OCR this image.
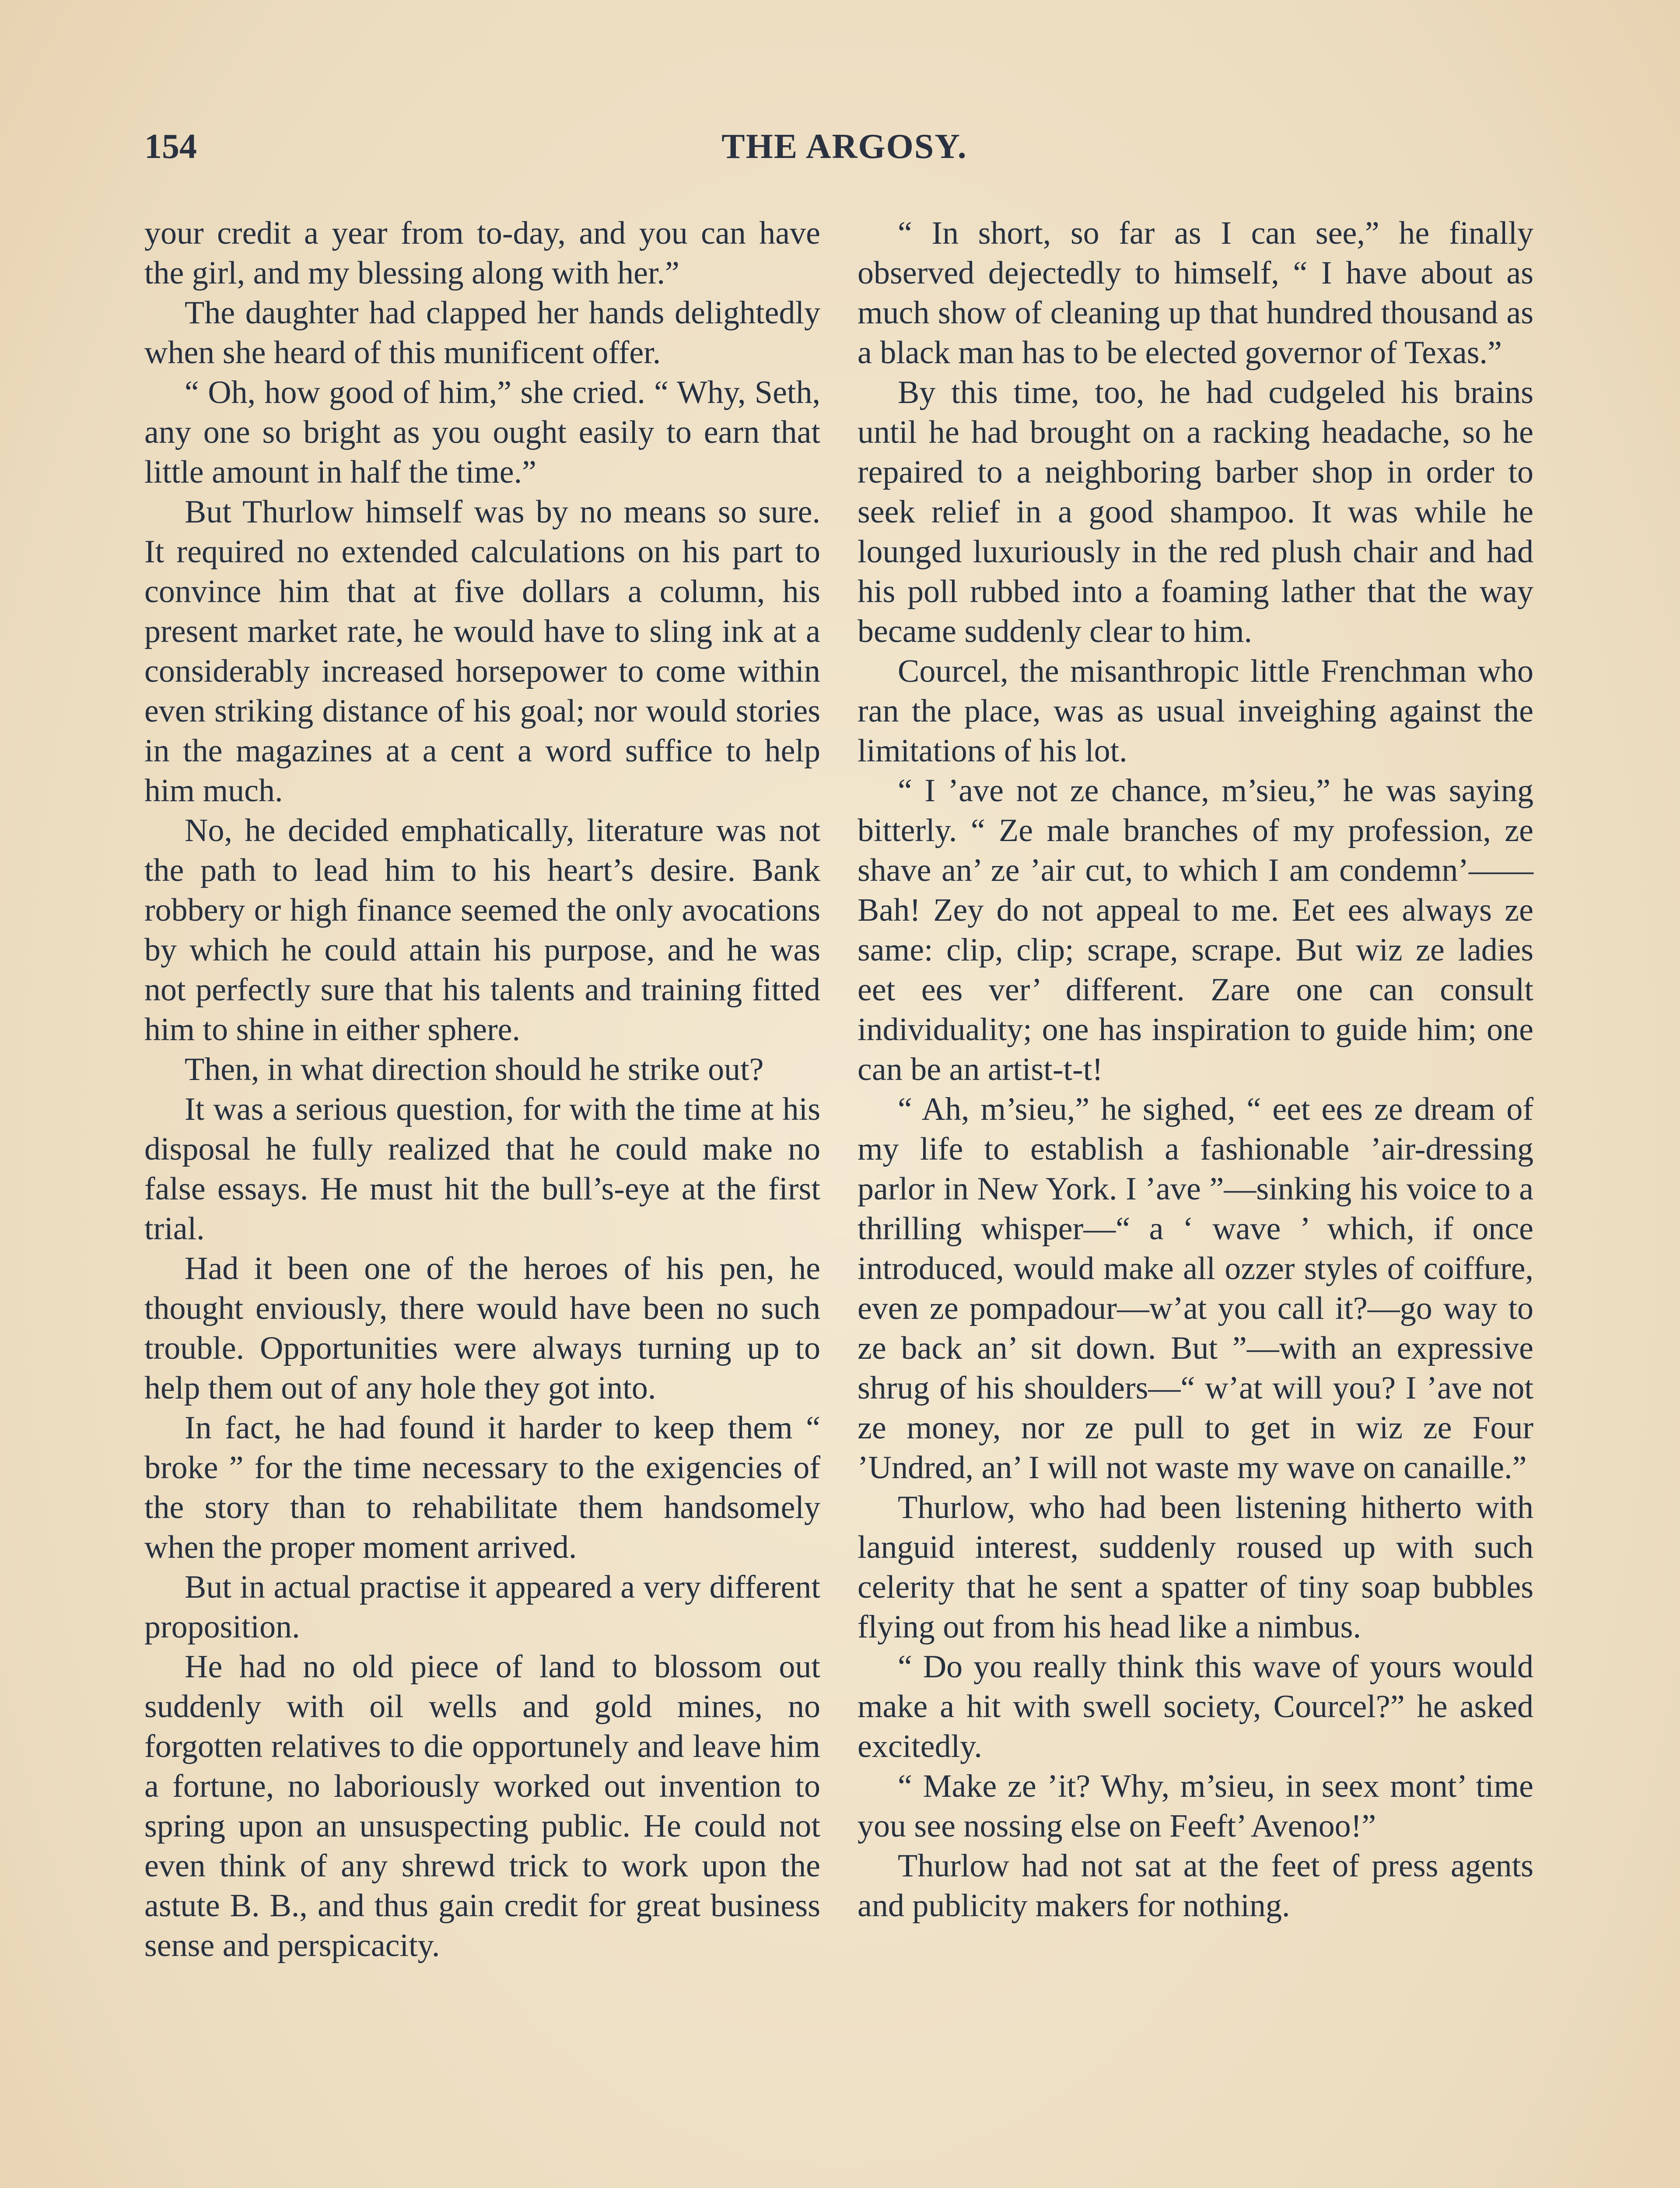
154	THE ARGOSY.

your credit a year from to-day, and you can have the girl, and my blessing along with her.”

The daughter had clapped her hands delightedly when she heard of this munificent offer.

“ Oh, how good of him,” she cried. “ Why, Seth, any one so bright as you ought easily to earn that little amount in half the time.”

But Thurlow himself was by no means so sure. It required no extended calculations on his part to convince him that at five dollars a column, his present market rate, he would have to sling ink at a considerably increased horsepower to come within even striking distance of his goal; nor would stories in the magazines at a cent a word suffice to help him much.

No, he decided emphatically, literature was not the path to lead him to his heart’s desire. Bank robbery or high finance seemed the only avocations by which he could attain his purpose, and he was not perfectly sure that his talents and training fitted him to shine in either sphere.

Then, in what direction should he strike out?

It was a serious question, for with the time at his disposal he fully realized that he could make no false essays. He must hit the bull’s-eye at the first trial.

Had it been one of the heroes of his pen, he thought enviously, there would have been no such trouble. Opportunities were always turning up to help them out of any hole they got into.

In fact, he had found it harder to keep them “ broke ” for the time necessary to the exigencies of the story than to rehabilitate them handsomely when the proper moment arrived.

But in actual practise it appeared a very different proposition.

He had no old piece of land to blossom out suddenly with oil wells and gold mines, no forgotten relatives to die opportunely and leave him a fortune, no laboriously worked out invention to spring upon an unsuspecting public. He could not even think of any shrewd trick to work upon the astute B. B., and thus gain credit for great business sense and perspicacity.

“ In short, so far as I can see,” he finally observed dejectedly to himself, “ I have about as much show of cleaning up that hundred thousand as a black man has to be elected governor of Texas.”

By this time, too, he had cudgeled his brains until he had brought on a racking headache, so he repaired to a neighboring barber shop in order to seek relief in a good shampoo. It was while he lounged luxuriously in the red plush chair and had his poll rubbed into a foaming lather that the way became suddenly clear to him.

Courcel, the misanthropic little Frenchman who ran the place, was as usual inveighing against the limitations of his lot.

“ I ’ave not ze chance, m’sieu,” he was saying bitterly. “ Ze male branches of my profession, ze shave an’ ze ’air cut, to which I am condemn’—— Bah! Zey do not appeal to me. Eet ees always ze same: clip, clip; scrape, scrape. But wiz ze ladies eet ees ver’ different. Zare one can consult individuality; one has inspiration to guide him; one can be an artist-t-t!

“ Ah, m’sieu,” he sighed, “ eet ees ze dream of my life to establish a fashionable ’air-dressing parlor in New York. I ’ave ”—sinking his voice to a thrilling whisper—“ a ‘ wave ’ which, if once introduced, would make all ozzer styles of coiffure, even ze pompadour—w’at you call it?—go way to ze back an’ sit down. But ”—with an expressive shrug of his shoulders—“ w’at will you? I ’ave not ze money, nor ze pull to get in wiz ze Four ’Undred, an’ I will not waste my wave on canaille.”

Thurlow, who had been listening hitherto with languid interest, suddenly roused up with such celerity that he sent a spatter of tiny soap bubbles flying out from his head like a nimbus.

“ Do you really think this wave of yours would make a hit with swell society, Courcel?” he asked excitedly.

“ Make ze ’it? Why, m’sieu, in seex mont’ time you see nossing else on Feeft’ Avenoo!”

Thurlow had not sat at the feet of press agents and publicity makers for nothing.
